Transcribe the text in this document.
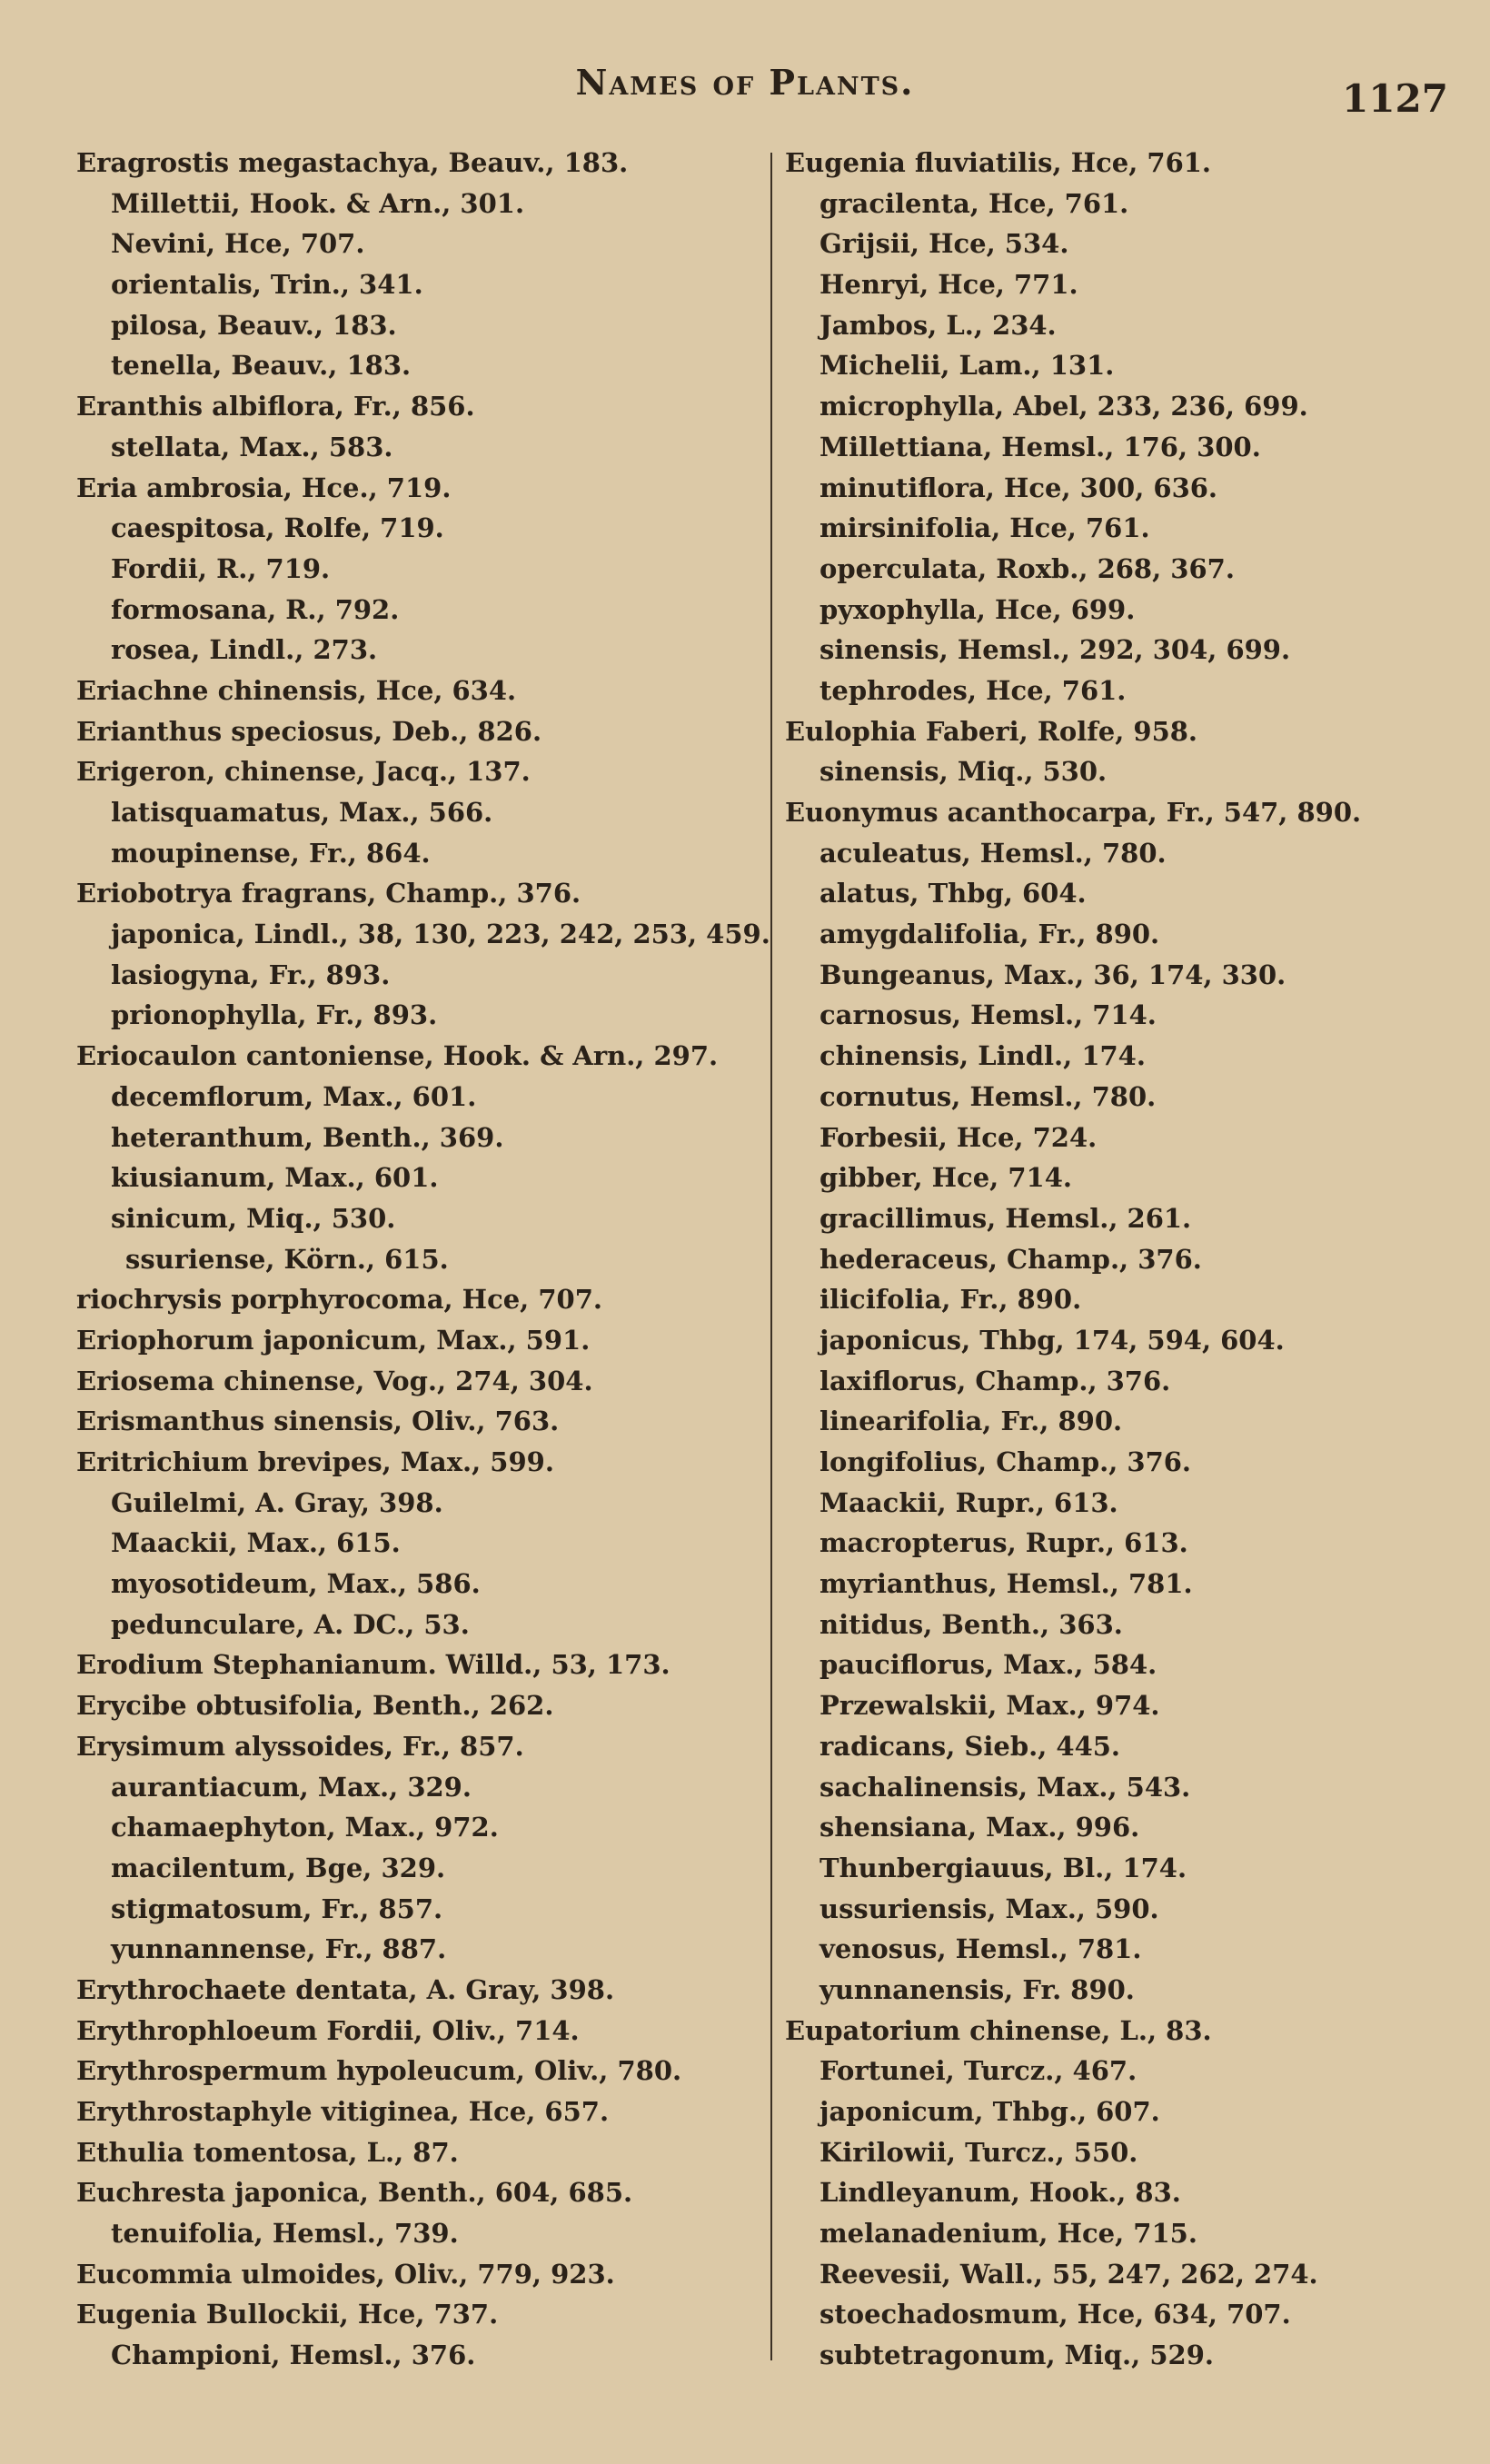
Names of Plants.	1127
Eragrostis megastachya, Beauv., 183.
Millettii, Hook. & Arn., 301.
Nevini, Hce, 707.
orientalis, Trin., 341.
pilosa, Beauv., 183.
tenella, Beauv., 183.
Eranthis albiflora, Fr., 856.
stellata, Max., 583.
Eria ambrosia, Hce., 719.
caespitosa, Rolfe, 719.
Fordii, R., 719.
formosana, R., 792.
rosea, Lindl., 273.
Eriachne chinensis, Hce, 634.
Erianthus speciosus, Deb., 826.
Erigeron, chinense, Jacq., 137.
latisquamatus, Max., 566.
moupinense, Fr., 864.
Eriobotrya fragrans, Champ., 376.
japonica, Lindl., 38, 130, 223, 242, 253, 459.
lasiogyna, Fr., 893.
prionophylla, Fr., 893.
Eriocaulon cantoniense, Hook. & Arn., 297.
decemflorum, Max., 601.
heteranthum, Benth., 369.
kiusianum, Max., 601.
sinicum, Miq., 530.
ssuriense, Körn., 615.
riochrysis porphyrocoma, Hce, 707.
Eriophorum japonicum, Max., 591.
Eriosema chinense, Vog., 274, 304.
Erismanthus sinensis, Oliv., 763.
Eritrichium brevipes, Max., 599.
Guilelmi, A. Gray, 398.
Maackii, Max., 615.
myosotideum, Max., 586.
pedunculare, A. DC., 53.
Erodium Stephanianum. Willd., 53, 173.
Erycibe obtusifolia, Benth., 262.
Erysimum alyssoides, Fr., 857.
aurantiacum, Max., 329.
chamaephyton, Max., 972.
macilentum, Bge, 329.
stigmatosum, Fr., 857.
yunnannense, Fr., 887.
Erythrochaete dentata, A. Gray, 398.
Erythrophloeum Fordii, Oliv., 714.
Erythrospermum hypoleucum, Oliv., 780.
Erythrostaphyle vitiginea, Hce, 657.
Ethulia tomentosa, L., 87.
Euchresta japonica, Benth., 604, 685.
tenuifolia, Hemsl., 739.
Eucommia ulmoides, Oliv., 779, 923.
Eugenia Bullockii, Hce, 737.
Championi, Hemsl., 376.
Eugenia fluviatilis, Hce, 761.
gracilenta, Hce, 761.
Grijsii, Hce, 534.
Henryi, Hce, 771.
Jambos, L., 234.
Michelii, Lam., 131.
microphylla, Abel, 233, 236, 699.
Millettiana, Hemsl., 176, 300.
minutiflora, Hce, 300, 636.
mirsinifolia, Hce, 761.
operculata, Roxb., 268, 367.
pyxophylla, Hce, 699.
sinensis, Hemsl., 292, 304, 699.
tephrodes, Hce, 761.
Eulophia Faberi, Rolfe, 958.
sinensis, Miq., 530.
Euonymus acanthocarpa, Fr., 547, 890.
aculeatus, Hemsl., 780.
alatus, Thbg, 604.
amygdalifolia, Fr., 890.
Bungeanus, Max., 36, 174, 330.
carnosus, Hemsl., 714.
chinensis, Lindl., 174.
cornutus, Hemsl., 780.
Forbesii, Hce, 724.
gibber, Hce, 714.
gracillimus, Hemsl., 261.
hederaceus, Champ., 376.
ilicifolia, Fr., 890.
japonicus, Thbg, 174, 594, 604.
laxiflorus, Champ., 376.
linearifolia, Fr., 890.
longifolius, Champ., 376.
Maackii, Rupr., 613.
macropterus, Rupr., 613.
myrianthus, Hemsl., 781.
nitidus, Benth., 363.
pauciflorus, Max., 584.
Przewalskii, Max., 974.
radicans, Sieb., 445.
sachalinensis, Max., 543.
shensiana, Max., 996.
Thunbergiauus, Bl., 174.
ussuriensis, Max., 590.
venosus, Hemsl., 781.
yunnanensis, Fr. 890.
Eupatorium chinense, L., 83.
Fortunei, Turcz., 467.
japonicum, Thbg., 607.
Kirilowii, Turcz., 550.
Lindleyanum, Hook., 83.
melanadenium, Hce, 715.
Reevesii, Wall., 55, 247, 262, 274.
stoechadosmum, Hce, 634, 707.
subtetragonum, Miq., 529.
